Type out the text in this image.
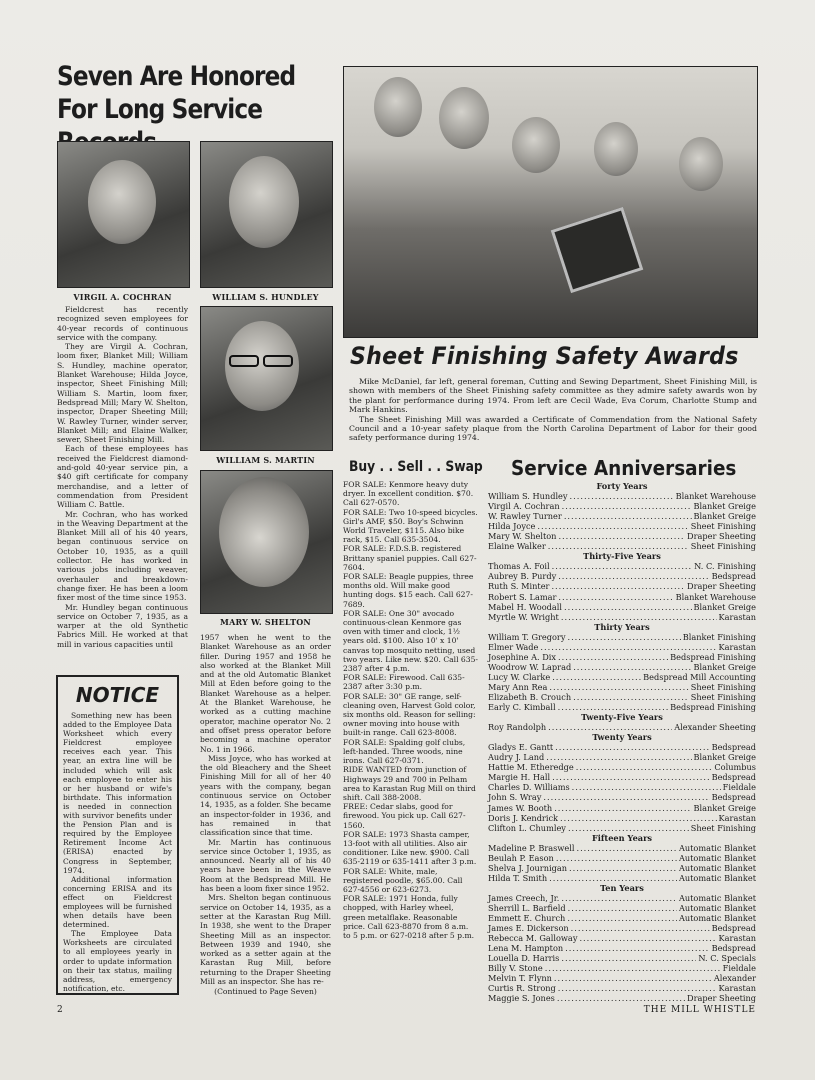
Seven Are Honored For Long Service
VIRGIL A. COCHRAN	WILLIAM S. HUNDLEY
WILLIAM S. MARTIN
MARY W. SHELTON

Fieldcrest has recently recognized seven employees for 40-year records of continuous service with the company.

They are Virgil A. Cochran, loom fixer, Blanket Mill; William S. Hundley, machine operator, Blanket Warehouse; Hilda Joyce, inspector, Sheet Finishing Mill; William S. Martin, loom fixer, Bedspread Mill; Mary W. Shelton, inspector, Draper Sheeting Mill; W. Rawley Turner, winder server, Blanket Mill; and Elaine Walker, sewer, Sheet Finishing Mill.

Each of these employees has received the Fieldcrest diamond-and-gold 40-year service pin, a $40 gift certificate for company merchandise, and a letter of commendation from President William C. Battle.

Mr. Cochran, who has worked in the Weaving Department at the Blanket Mill all of his 40 years, began continuous service on October 10, 1935, as a quill collector. He has worked in various jobs including weaver, overhauler and breakdown-change fixer. He has been a loom fixer most of the time since 1953.

Mr. Hundley began continuous service on October 7, 1935, as a warper at the old Synthetic Fabrics Mill. He worked at that mill in various capacities until

NOTICE

Something new has been added to the Employee Data Worksheet which every Fieldcrest employee receives each year. This year, an extra line will be included which will ask each employee to enter his or her husband or wife's birthdate. This information is needed in connection with survivor benefits under the Pension Plan and is required by the Employee Retirement Income Act (ERISA) enacted by Congress in September, 1974.

Additional information concerning ERISA and its effect on Fieldcrest employees will be furnished when details have been determined.

The Employee Data Worksheets are circulated to all employees yearly in order to update information on their tax status, mailing address, emergency notification, etc.

1957 when he went to the Blanket Warehouse as an order filler. During 1957 and 1958 he also worked at the Blanket Mill and at the old Automatic Blanket Mill at Eden before going to the Blanket Warehouse as a helper. At the Blanket Warehouse, he worked as a cutting machine operator, machine operator No. 2 and offset press operator before becoming a machine operator No. 1 in 1966.

Miss Joyce, who has worked at the old Bleachery and the Sheet Finishing Mill for all of her 40 years with the company, began continuous service on October 14, 1935, as a folder. She became an inspector-folder in 1936, and has remained in that classification since that time.

Mr. Martin has continuous service since October 1, 1935, as announced. Nearly all of his 40 years have been in the Weave Room at the Bedspread Mill. He has been a loom fixer since 1952.

Mrs. Shelton began continuous service on October 14, 1935, as a setter at the Karastan Rug Mill. In 1938, she went to the Draper Sheeting Mill as an inspector. Between 1939 and 1940, she worked as a setter again at the Karastan Rug Mill, before returning to the Draper Sheeting Mill as an inspector. She has re-

(Continued to Page Seven)
Sheet Finishing Safety Awards

Mike McDaniel, far left, general foreman, Cutting and Sewing Department, Sheet Finishing Mill, is shown with members of the Sheet Finishing safety committee as they admire safety awards won by the plant for performance during 1974. From left are Cecil Wade, Eva Corum, Charlotte Stump and Mark Hankins.

The Sheet Finishing Mill was awarded a Certificate of Commendation from the National Safety Council and a 10-year safety plaque from the North Carolina Department of Labor for their good safety performance during 1974.

Buy . . Sell . . Swap

FOR SALE: Kenmore heavy duty dryer. In excellent condition. $70. Call 627-0570.

FOR SALE: Two 10-speed bicycles. Girl's AMF, $50. Boy's Schwinn World Traveler, $115. Also bike rack, $15. Call 635-3504.

FOR SALE: F.D.S.B. registered Brittany spaniel puppies. Call 627-7604.

FOR SALE: Beagle puppies, three months old. Will make good hunting dogs. $15 each. Call 627-7689.

FOR SALE: One 30" avocado continuous-clean Kenmore gas oven with timer and clock, 1½ years old. $100. Also 10' x 10' canvas top mosquito netting, used two years. Like new. $20. Call 635-2387 after 4 p.m.

FOR SALE: Firewood. Call 635-2387 after 3:30 p.m.

FOR SALE: 30" GE range, self-cleaning oven, Harvest Gold color, six months old. Reason for selling: owner moving into house with built-in range. Call 623-8008.

FOR SALE: Spalding golf clubs, left-handed. Three woods, nine irons. Call 627-0371.

RIDE WANTED from junction of Highways 29 and 700 in Pelham area to Karastan Rug Mill on third shift. Call 388-2008.

FREE: Cedar slabs, good for firewood. You pick up. Call 627-1560.

FOR SALE: 1973 Shasta camper, 13-foot with all utilities. Also air conditioner. Like new. $900. Call 635-2119 or 635-1411 after 3 p.m.

FOR SALE: White, male, registered poodle, $65.00. Call 627-4556 or 623-6273.

FOR SALE: 1971 Honda, fully chopped, with Harley wheel, green metalflake. Reasonable price. Call 623-8870 from 8 a.m. to 5 p.m. or 627-0218 after 5 p.m.

Service Anniversaries
Forty Years
William S. Hundley .....	Blanket Warehouse
Virgil A. Cochran .....	Blanket Greige
W. Rawley Turner .....	Blanket Greige
Hilda Joyce .....	Sheet Finishing
Mary W. Shelton .....	Draper Sheeting
Elaine Walker .....	Sheet Finishing
Thirty-Five Years
Thomas A. Foil .....	N. C. Finishing
Aubrey B. Purdy .....	Bedspread
Ruth S. Minter .....	Draper Sheeting
Robert S. Lamar .....	Blanket Warehouse
Mabel H. Woodall .....	Blanket Greige
Myrtle W. Wright .....	Karastan
Thirty Years
William T. Gregory .....	Blanket Finishing
Elmer Wade .....	Karastan
Josephine A. Dix .....	Bedspread Finishing
Woodrow W. Laprad .....	Blanket Greige
Lucy W. Clarke .....	Bedspread Mill Accounting
Mary Ann Rea .....	Sheet Finishing
Elizabeth B. Crouch .....	Sheet Finishing
Early C. Kimball .....	Bedspread Finishing
Twenty-Five Years
Roy Randolph .....	Alexander Sheeting
Twenty Years
Gladys E. Gantt .....	Bedspread
Audry J. Land .....	Blanket Greige
Hattie M. Etheredge .....	Columbus
Margie H. Hall .....	Bedspread
Charles D. Williams .....	Fieldale
John S. Wray .....	Bedspread
James W. Booth .....	Blanket Greige
Doris J. Kendrick .....	Karastan
Clifton L. Chumley .....	Sheet Finishing
Fifteen Years
Madeline P. Braswell .....	Automatic Blanket
Beulah P. Eason .....	Automatic Blanket
Shelva J. Journigan .....	Automatic Blanket
Hilda T. Smith .....	Automatic Blanket
Ten Years
James Creech, Jr. .....	Automatic Blanket
Sherrill L. Barfield .....	Automatic Blanket
Emmett E. Church .....	Automatic Blanket
James E. Dickerson .....	Bedspread
Rebecca M. Galloway .....	Karastan
Lena M. Hampton .....	Bedspread
Louella D. Harris .....	N. C. Specials
Billy V. Stone .....	Fieldale
Melvin T. Flynn .....	Alexander
Curtis R. Strong .....	Karastan
Maggie S. Jones .....	Draper Sheeting
2	THE MILL WHISTLE
